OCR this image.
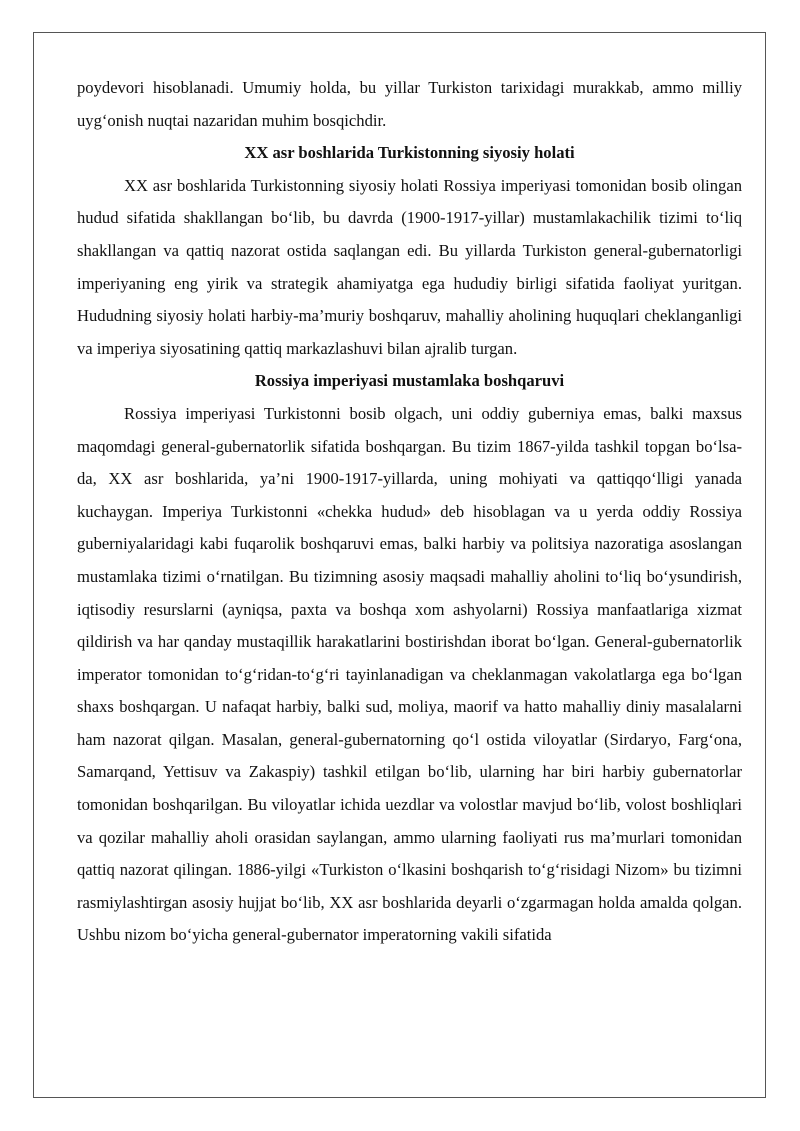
poydevori hisoblanadi. Umumiy holda, bu yillar Turkiston tarixidagi murakkab, ammo milliy uyg‘onish nuqtai nazaridan muhim bosqichdir.

XX asr boshlarida Turkistonning siyosiy holati

XX asr boshlarida Turkistonning siyosiy holati Rossiya imperiyasi tomonidan bosib olingan hudud sifatida shakllangan bo‘lib, bu davrda (1900-1917-yillar) mustamlakachilik tizimi to‘liq shakllangan va qattiq nazorat ostida saqlangan edi. Bu yillarda Turkiston general-gubernatorligi imperiyaning eng yirik va strategik ahamiyatga ega hududiy birligi sifatida faoliyat yuritgan. Hududning siyosiy holati harbiy-ma’muriy boshqaruv, mahalliy aholining huquqlari cheklanganligi va imperiya siyosatining qattiq markazlashuvi bilan ajralib turgan.

Rossiya imperiyasi mustamlaka boshqaruvi

Rossiya imperiyasi Turkistonni bosib olgach, uni oddiy guberniya emas, balki maxsus maqomdagi general-gubernatorlik sifatida boshqargan. Bu tizim 1867-yilda tashkil topgan bo‘lsa-da, XX asr boshlarida, ya’ni 1900-1917-yillarda, uning mohiyati va qattiqqo‘lligi yanada kuchaygan. Imperiya Turkistonni «chekka hudud» deb hisoblagan va u yerda oddiy Rossiya guberniyalaridagi kabi fuqarolik boshqaruvi emas, balki harbiy va politsiya nazoratiga asoslangan mustamlaka tizimi o‘rnatilgan. Bu tizimning asosiy maqsadi mahalliy aholini to‘liq bo‘ysundirish, iqtisodiy resurslarni (ayniqsa, paxta va boshqa xom ashyolarni) Rossiya manfaatlariga xizmat qildirish va har qanday mustaqillik harakatlarini bostirishdan iborat bo‘lgan. General-gubernatorlik imperator tomonidan to‘g‘ridan-to‘g‘ri tayinlanadigan va cheklanmagan vakolatlarga ega bo‘lgan shaxs boshqargan. U nafaqat harbiy, balki sud, moliya, maorif va hatto mahalliy diniy masalalarni ham nazorat qilgan. Masalan, general-gubernatorning qo‘l ostida viloyatlar (Sirdaryo, Farg‘ona, Samarqand, Yettisuv va Zakaspiy) tashkil etilgan bo‘lib, ularning har biri harbiy gubernatorlar tomonidan boshqarilgan. Bu viloyatlar ichida uezdlar va volostlar mavjud bo‘lib, volost boshliqlari va qozilar mahalliy aholi orasidan saylangan, ammo ularning faoliyati rus ma’murlari tomonidan qattiq nazorat qilingan. 1886-yilgi «Turkiston o‘lkasini boshqarish to‘g‘risidagi Nizom» bu tizimni rasmiylashtirgan asosiy hujjat bo‘lib, XX asr boshlarida deyarli o‘zgarmagan holda amalda qolgan. Ushbu nizom bo‘yicha general-gubernator imperatorning vakili sifatida
